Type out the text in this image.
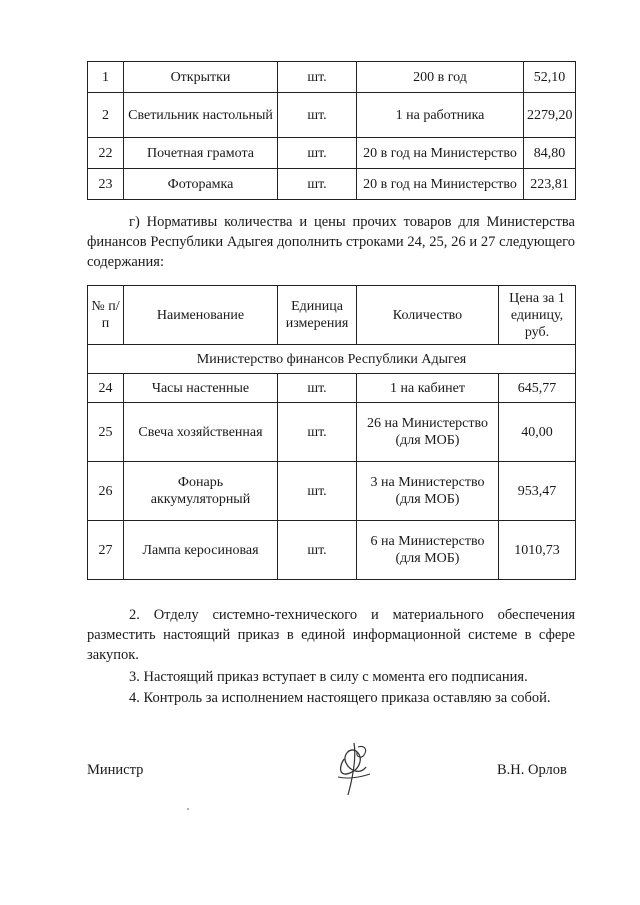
1	Открытки	шт.	200 в год	52,10
2	Светильник настольный	шт.	1 на работника	2279,20
22	Почетная грамота	шт.	20 в год на Министерство	84,80
23	Фоторамка	шт.	20 в год на Министерство	223,81

г) Нормативы количества и цены прочих товаров для Министерства финансов Республики Адыгея дополнить строками 24, 25, 26 и 27 следующего содержания:

№ п/п	Наименование	Единица измерения	Количество	Цена за 1 единицу, руб.
Министерство финансов Республики Адыгея				
24	Часы настенные	шт.	1 на кабинет	645,77
25	Свеча хозяйственная	шт.	26 на Министерство (для МОБ)	40,00
26	Фонарь аккумуляторный	шт.	3 на Министерство (для МОБ)	953,47
27	Лампа керосиновая	шт.	6 на Министерство (для МОБ)	1010,73

2. Отделу системно-технического и материального обеспечения разместить настоящий приказ в единой информационной системе в сфере закупок.

3. Настоящий приказ вступает в силу с момента его подписания.

4. Контроль за исполнением настоящего приказа оставляю за собой.

Министр	В.Н. Орлов
